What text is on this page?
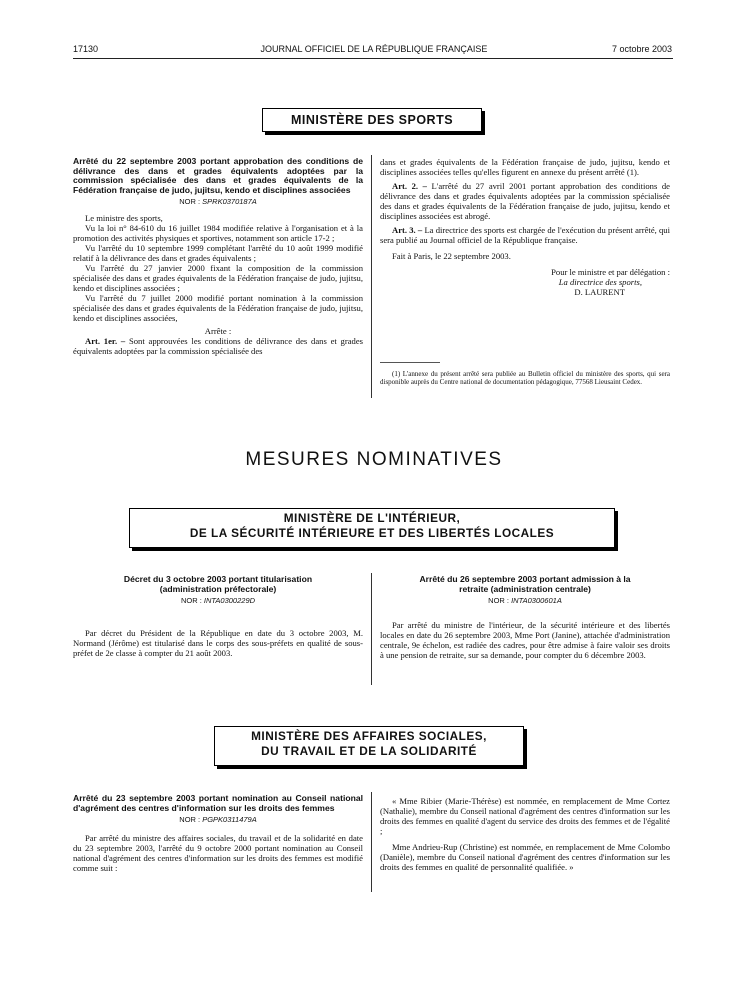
17130	JOURNAL OFFICIEL DE LA RÉPUBLIQUE FRANÇAISE	7 octobre 2003
MINISTÈRE DES SPORTS
Arrêté du 22 septembre 2003 portant approbation des conditions de délivrance des dans et grades équivalents adoptées par la commission spécialisée des dans et grades équivalents de la Fédération française de judo, jujitsu, kendo et disciplines associées
NOR : SPRK0370187A

Le ministre des sports,

Vu la loi n° 84-610 du 16 juillet 1984 modifiée relative à l'organisation et à la promotion des activités physiques et sportives, notamment son article 17-2 ;

Vu l'arrêté du 10 septembre 1999 complétant l'arrêté du 10 août 1999 modifié relatif à la délivrance des dans et grades équivalents ;

Vu l'arrêté du 27 janvier 2000 fixant la composition de la commission spécialisée des dans et grades équivalents de la Fédération française de judo, jujitsu, kendo et disciplines associées ;

Vu l'arrêté du 7 juillet 2000 modifié portant nomination à la commission spécialisée des dans et grades équivalents de la Fédération française de judo, jujitsu, kendo et disciplines associées,

Arrête :

Art. 1er. – Sont approuvées les conditions de délivrance des dans et grades équivalents adoptées par la commission spécialisée des

dans et grades équivalents de la Fédération française de judo, jujitsu, kendo et disciplines associées telles qu'elles figurent en annexe du présent arrêté (1).

Art. 2. – L'arrêté du 27 avril 2001 portant approbation des conditions de délivrance des dans et grades équivalents adoptées par la commission spécialisée des dans et grades équivalents de la Fédération française de judo, jujitsu, kendo et disciplines associées est abrogé.

Art. 3. – La directrice des sports est chargée de l'exécution du présent arrêté, qui sera publié au Journal officiel de la République française.

Fait à Paris, le 22 septembre 2003.

Pour le ministre et par délégation :

La directrice des sports,

D. LAURENT

(1) L'annexe du présent arrêté sera publiée au Bulletin officiel du ministère des sports, qui sera disponible auprès du Centre national de documentation pédagogique, 77568 Lieusaint Cedex.

MESURES NOMINATIVES
MINISTÈRE DE L'INTÉRIEUR,
DE LA SÉCURITÉ INTÉRIEURE ET DES LIBERTÉS LOCALES
Décret du 3 octobre 2003 portant titularisation (administration préfectorale)
NOR : INTA0300229D

Par décret du Président de la République en date du 3 octobre 2003, M. Normand (Jérôme) est titularisé dans le corps des sous-préfets en qualité de sous-préfet de 2e classe à compter du 21 août 2003.

Arrêté du 26 septembre 2003 portant admission à la retraite (administration centrale)
NOR : INTA0300601A

Par arrêté du ministre de l'intérieur, de la sécurité intérieure et des libertés locales en date du 26 septembre 2003, Mme Port (Janine), attachée d'administration centrale, 9e échelon, est radiée des cadres, pour être admise à faire valoir ses droits à une pension de retraite, sur sa demande, pour compter du 6 décembre 2003.

MINISTÈRE DES AFFAIRES SOCIALES,
DU TRAVAIL ET DE LA SOLIDARITÉ
Arrêté du 23 septembre 2003 portant nomination au Conseil national d'agrément des centres d'information sur les droits des femmes
NOR : PGPK0311479A

Par arrêté du ministre des affaires sociales, du travail et de la solidarité en date du 23 septembre 2003, l'arrêté du 9 octobre 2000 portant nomination au Conseil national d'agrément des centres d'information sur les droits des femmes est modifié comme suit :

« Mme Ribier (Marie-Thérèse) est nommée, en remplacement de Mme Cortez (Nathalie), membre du Conseil national d'agrément des centres d'information sur les droits des femmes en qualité d'agent du service des droits des femmes et de l'égalité ;

Mme Andrieu-Rup (Christine) est nommée, en remplacement de Mme Colombo (Danièle), membre du Conseil national d'agrément des centres d'information sur les droits des femmes en qualité de personnalité qualifiée. »
